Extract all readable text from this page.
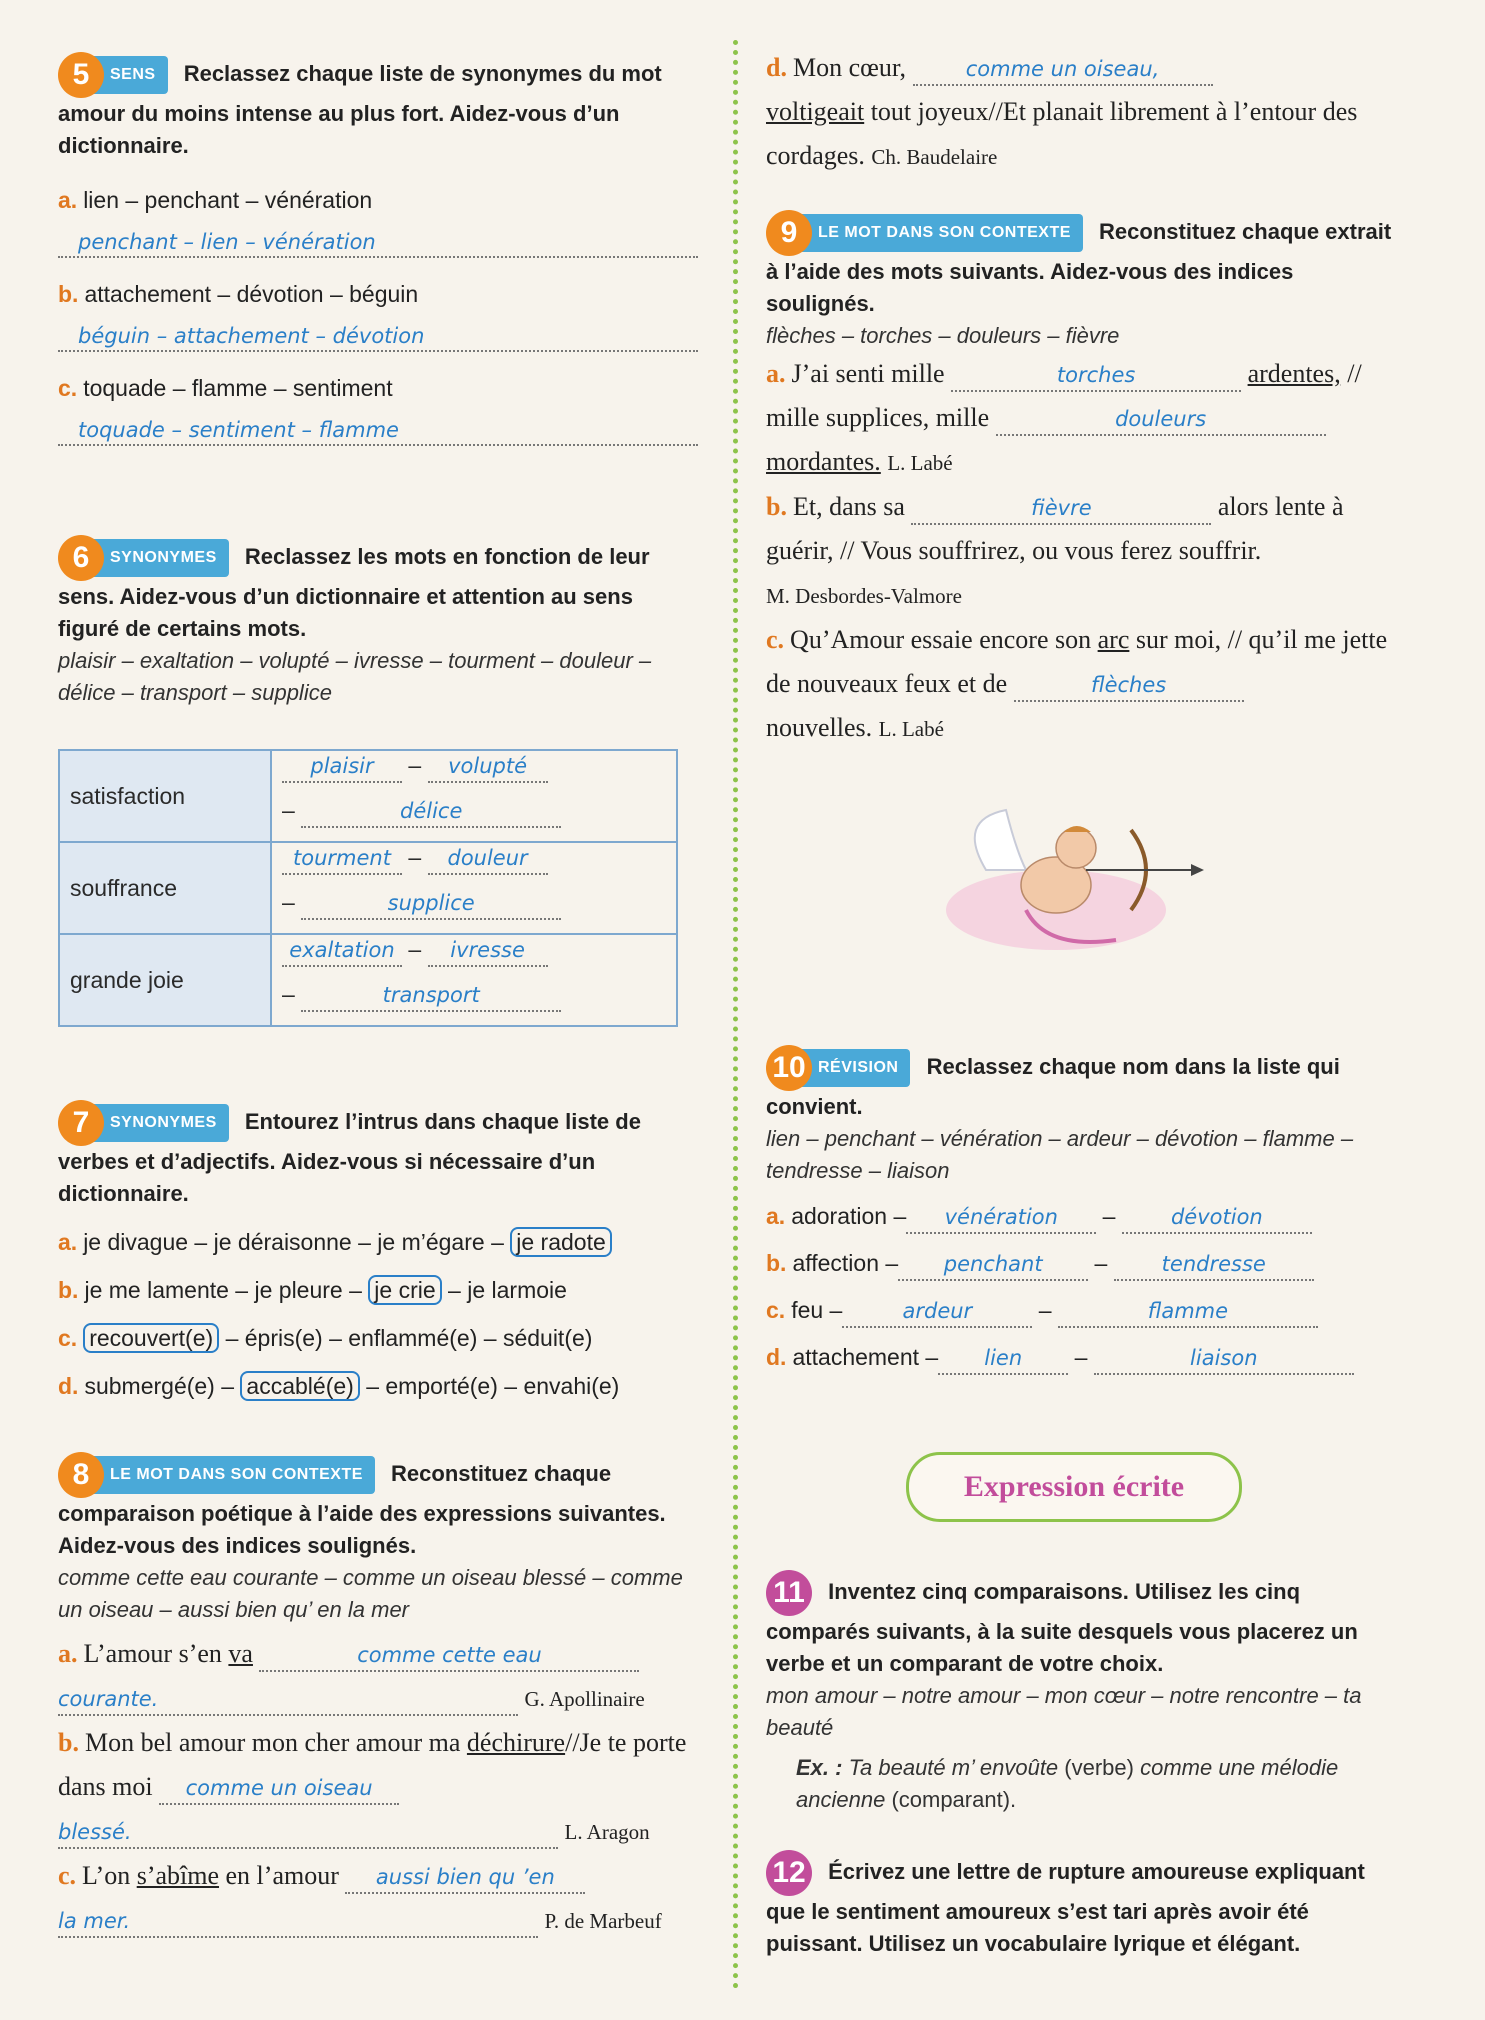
5 SENS Reclassez chaque liste de synonymes du mot amour du moins intense au plus fort. Aidez-vous d’un dictionnaire.
a. lien – penchant – vénération
penchant – lien – vénération
b. attachement – dévotion – béguin
béguin – attachement – dévotion
c. toquade – flamme – sentiment
toquade – sentiment – flamme
6 SYNONYMES Reclassez les mots en fonction de leur sens. Aidez-vous d’un dictionnaire et attention au sens figuré de certains mots.
plaisir – exaltation – volupté – ivresse – tourment – douleur – délice – transport – supplice
satisfaction	plaisir – volupté
– délice

souffrance	tourment – douleur
– supplice

grande joie	exaltation – ivresse
– transport
7 SYNONYMES Entourez l’intrus dans chaque liste de verbes et d’adjectifs. Aidez-vous si nécessaire d’un dictionnaire.
a. je divague – je déraisonne – je m’égare – je radote
b. je me lamente – je pleure – je crie – je larmoie
c. recouvert(e) – épris(e) – enflammé(e) – séduit(e)
d. submergé(e) – accablé(e) – emporté(e) – envahi(e)
8 LE MOT DANS SON CONTEXTE Reconstituez chaque comparaison poétique à l’aide des expressions suivantes. Aidez-vous des indices soulignés.
comme cette eau courante – comme un oiseau blessé – comme un oiseau – aussi bien qu’ en la mer
a. L’amour s’en va	comme cette eau
courante.	G. Apollinaire
b. Mon bel amour mon cher amour ma déchirure//Je te porte dans moi comme un oiseau
blessé.	L. Aragon
c. L’on s’abîme en l’amour aussi bien qu ’en
la mer.	P. de Marbeuf
d. Mon cœur,	comme un oiseau,
voltigeait tout joyeux//Et planait librement à l’entour des cordages. Ch. Baudelaire
9 LE MOT DANS SON CONTEXTE Reconstituez chaque extrait à l’aide des mots suivants. Aidez-vous des indices soulignés.
flèches – torches – douleurs – fièvre
a. J’ai senti mille	torches	ardentes, // mille supplices, mille	douleurs
mordantes. L. Labé
b. Et, dans sa	fièvre	alors lente à guérir, // Vous souffrirez, ou vous ferez souffrir.
M. Desbordes-Valmore
c. Qu’Amour essaie encore son arc sur moi, // qu’il me jette de nouveaux feux et de	flèches
nouvelles. L. Labé
10 RÉVISION Reclassez chaque nom dans la liste qui convient.
lien – penchant – vénération – ardeur – dévotion – flamme – tendresse – liaison
a. adoration – vénération – dévotion
b. affection – penchant – tendresse
c. feu –	ardeur	–	flamme
d. attachement – lien –	liaison
Expression écrite
11 Inventez cinq comparaisons. Utilisez les cinq comparés suivants, à la suite desquels vous placerez un verbe et un comparant de votre choix.
mon amour – notre amour – mon cœur – notre rencontre – ta beauté
Ex. : Ta beauté m’ envoûte (verbe) comme une mélodie ancienne (comparant).
12 Écrivez une lettre de rupture amoureuse expliquant que le sentiment amoureux s’est tari après avoir été puissant. Utilisez un vocabulaire lyrique et élégant.
